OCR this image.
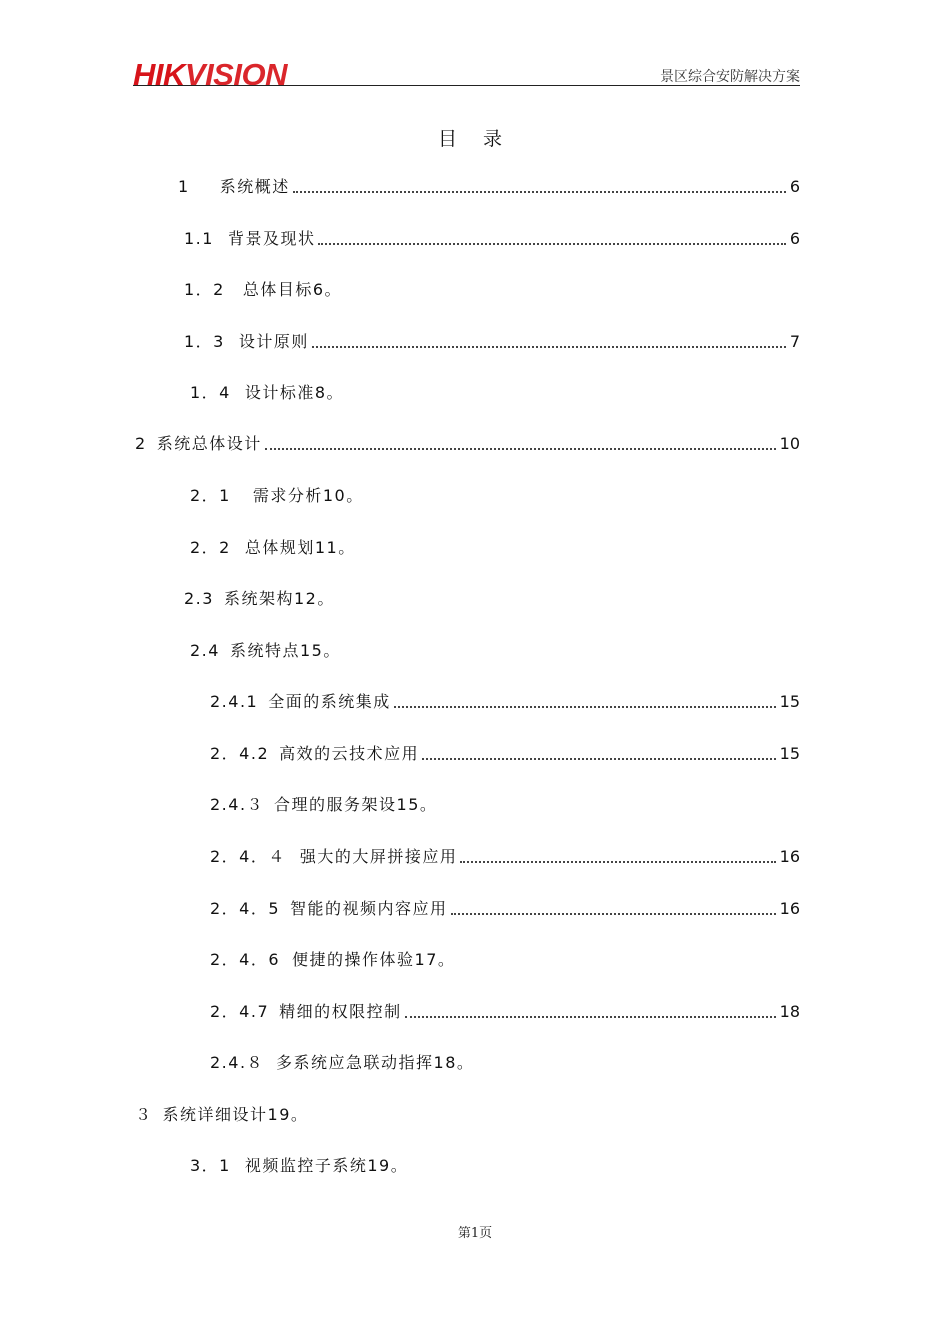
HIKVISION	景区综合安防解决方案
目 录
1 系统概述	6
1.1 背景及现状	6
1．2 总体目标6。
1．3 设计原则	7
1．4 设计标准8。
2 系统总体设计	10
2．1 需求分析10。
2．2 总体规划11。
2.3 系统架构12。
2.4 系统特点15。
2.4.1 全面的系统集成	15
2．4.2 高效的云技术应用	15
2.4.３ 合理的服务架设15。
2．4．４ 强大的大屏拼接应用	16
2．4．5 智能的视频内容应用	16
2．4．6 便捷的操作体验17。
2．4.7 精细的权限控制	18
2.4.８ 多系统应急联动指挥18。
３ 系统详细设计19。
3．1 视频监控子系统19。
第1页
